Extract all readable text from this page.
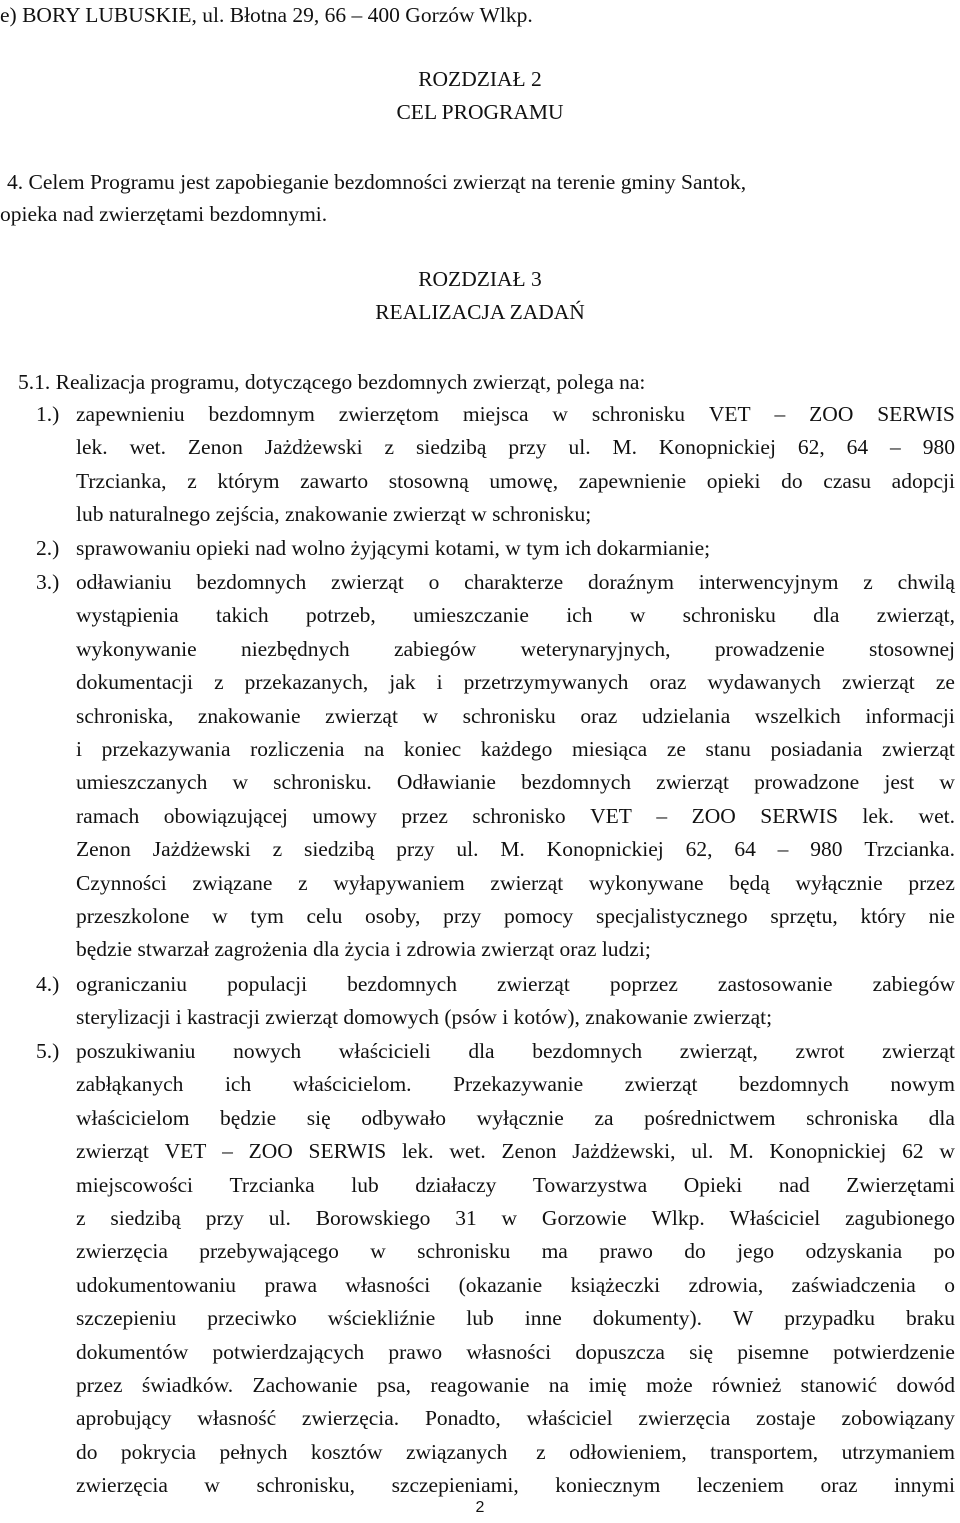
e) BORY LUBUSKIE, ul. Błotna 29, 66 – 400 Gorzów Wlkp.
ROZDZIAŁ 2
CEL PROGRAMU
4. Celem Programu jest zapobieganie bezdomności zwierząt na terenie gminy Santok,
opieka nad zwierzętami bezdomnymi.
ROZDZIAŁ 3
REALIZACJA ZADAŃ
5.1. Realizacja programu, dotyczącego bezdomnych zwierząt, polega na:
1.) zapewnieniu bezdomnym zwierzętom miejsca w schronisku VET – ZOO SERWIS
lek. wet. Zenon Jażdżewski z siedzibą przy ul. M. Konopnickiej 62, 64 – 980
Trzcianka, z którym zawarto stosowną umowę, zapewnienie opieki do czasu adopcji
lub naturalnego zejścia, znakowanie zwierząt w schronisku;
2.) sprawowaniu opieki nad wolno żyjącymi kotami, w tym ich dokarmianie;
3.) odławianiu bezdomnych zwierząt o charakterze doraźnym interwencyjnym z chwilą
wystąpienia takich potrzeb, umieszczanie ich w schronisku dla zwierząt,
wykonywanie niezbędnych zabiegów weterynaryjnych, prowadzenie stosownej
dokumentacji z przekazanych, jak i przetrzymywanych oraz wydawanych zwierząt ze
schroniska, znakowanie zwierząt w schronisku oraz udzielania wszelkich informacji
i przekazywania rozliczenia na koniec każdego miesiąca ze stanu posiadania zwierząt
umieszczanych w schronisku. Odławianie bezdomnych zwierząt prowadzone jest w
ramach obowiązującej umowy przez schronisko VET – ZOO SERWIS lek. wet.
Zenon Jażdżewski z siedzibą przy ul. M. Konopnickiej 62, 64 – 980 Trzcianka.
Czynności związane z wyłapywaniem zwierząt wykonywane będą wyłącznie przez
przeszkolone w tym celu osoby, przy pomocy specjalistycznego sprzętu, który nie
będzie stwarzał zagrożenia dla życia i zdrowia zwierząt oraz ludzi;
4.) ograniczaniu populacji bezdomnych zwierząt poprzez zastosowanie zabiegów
sterylizacji i kastracji zwierząt domowych (psów i kotów), znakowanie zwierząt;
5.) poszukiwaniu nowych właścicieli dla bezdomnych zwierząt, zwrot zwierząt
zabłąkanych ich właścicielom. Przekazywanie zwierząt bezdomnych nowym
właścicielom będzie się odbywało wyłącznie za pośrednictwem schroniska dla
zwierząt VET – ZOO SERWIS lek. wet. Zenon Jażdżewski, ul. M. Konopnickiej 62 w
miejscowości Trzcianka lub działaczy Towarzystwa Opieki nad Zwierzętami
z siedzibą przy ul. Borowskiego 31 w Gorzowie Wlkp. Właściciel zagubionego
zwierzęcia przebywającego w schronisku ma prawo do jego odzyskania po
udokumentowaniu prawa własności (okazanie książeczki zdrowia, zaświadczenia o
szczepieniu przeciwko wściekliźnie lub inne dokumenty). W przypadku braku
dokumentów potwierdzających prawo własności dopuszcza się pisemne potwierdzenie
przez świadków. Zachowanie psa, reagowanie na imię może również stanowić dowód
aprobujący własność zwierzęcia. Ponadto, właściciel zwierzęcia zostaje zobowiązany
do pokrycia pełnych kosztów związanych z odłowieniem, transportem, utrzymaniem
zwierzęcia w schronisku, szczepieniami, koniecznym leczeniem oraz innymi
2
